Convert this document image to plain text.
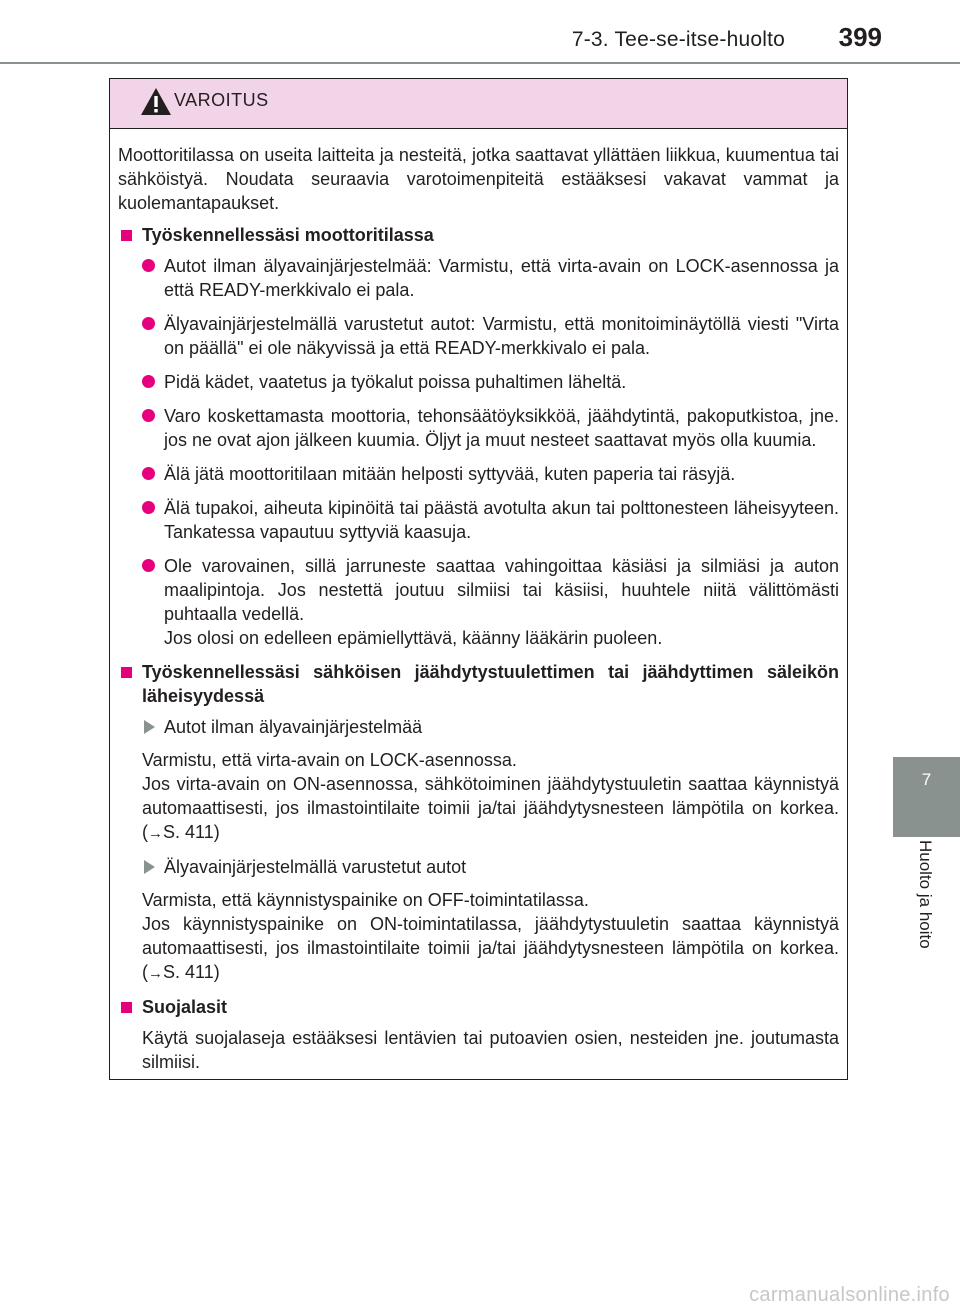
7-3. Tee-se-itse-huolto 399
7
Huolto ja hoito
VAROITUS

Moottoritilassa on useita laitteita ja nesteitä, jotka saattavat yllättäen liikkua, kuumentua tai sähköistyä. Noudata seuraavia varotoimenpiteitä estääksesi vakavat vammat ja kuolemantapaukset.

Työskennellessäsi moottoritilassa
Autot ilman älyavainjärjestelmää: Varmistu, että virta-avain on LOCK-asennossa ja että READY-merkkivalo ei pala.
Älyavainjärjestelmällä varustetut autot: Varmistu, että monitoiminäytöllä viesti "Virta on päällä" ei ole näkyvissä ja että READY-merkkivalo ei pala.
Pidä kädet, vaatetus ja työkalut poissa puhaltimen läheltä.
Varo koskettamasta moottoria, tehonsäätöyksikköä, jäähdytintä, pakoputkistoa, jne. jos ne ovat ajon jälkeen kuumia. Öljyt ja muut nesteet saattavat myös olla kuumia.
Älä jätä moottoritilaan mitään helposti syttyvää, kuten paperia tai räsyjä.
Älä tupakoi, aiheuta kipinöitä tai päästä avotulta akun tai polttonesteen läheisyyteen. Tankatessa vapautuu syttyviä kaasuja.
Ole varovainen, sillä jarruneste saattaa vahingoittaa käsiäsi ja silmiäsi ja auton maalipintoja. Jos nestettä joutuu silmiisi tai käsiisi, huuhtele niitä välittömästi puhtaalla vedellä.
Jos olosi on edelleen epämiellyttävä, käänny lääkärin puoleen.
Työskennellessäsi sähköisen jäähdytystuulettimen tai jäähdyttimen säleikön läheisyydessä
Autot ilman älyavainjärjestelmää
Varmistu, että virta-avain on LOCK-asennossa.
Jos virta-avain on ON-asennossa, sähkötoiminen jäähdytystuuletin saattaa käynnistyä automaattisesti, jos ilmastointilaite toimii ja/tai jäähdytysnesteen lämpötila on korkea. (→S. 411)
Älyavainjärjestelmällä varustetut autot
Varmista, että käynnistyspainike on OFF-toimintatilassa.
Jos käynnistyspainike on ON-toimintatilassa, jäähdytystuuletin saattaa käynnistyä automaattisesti, jos ilmastointilaite toimii ja/tai jäähdytysnesteen lämpötila on korkea. (→S. 411)
Suojalasit
Käytä suojalaseja estääksesi lentävien tai putoavien osien, nesteiden jne. joutumasta silmiisi.
carmanualsonline.info
